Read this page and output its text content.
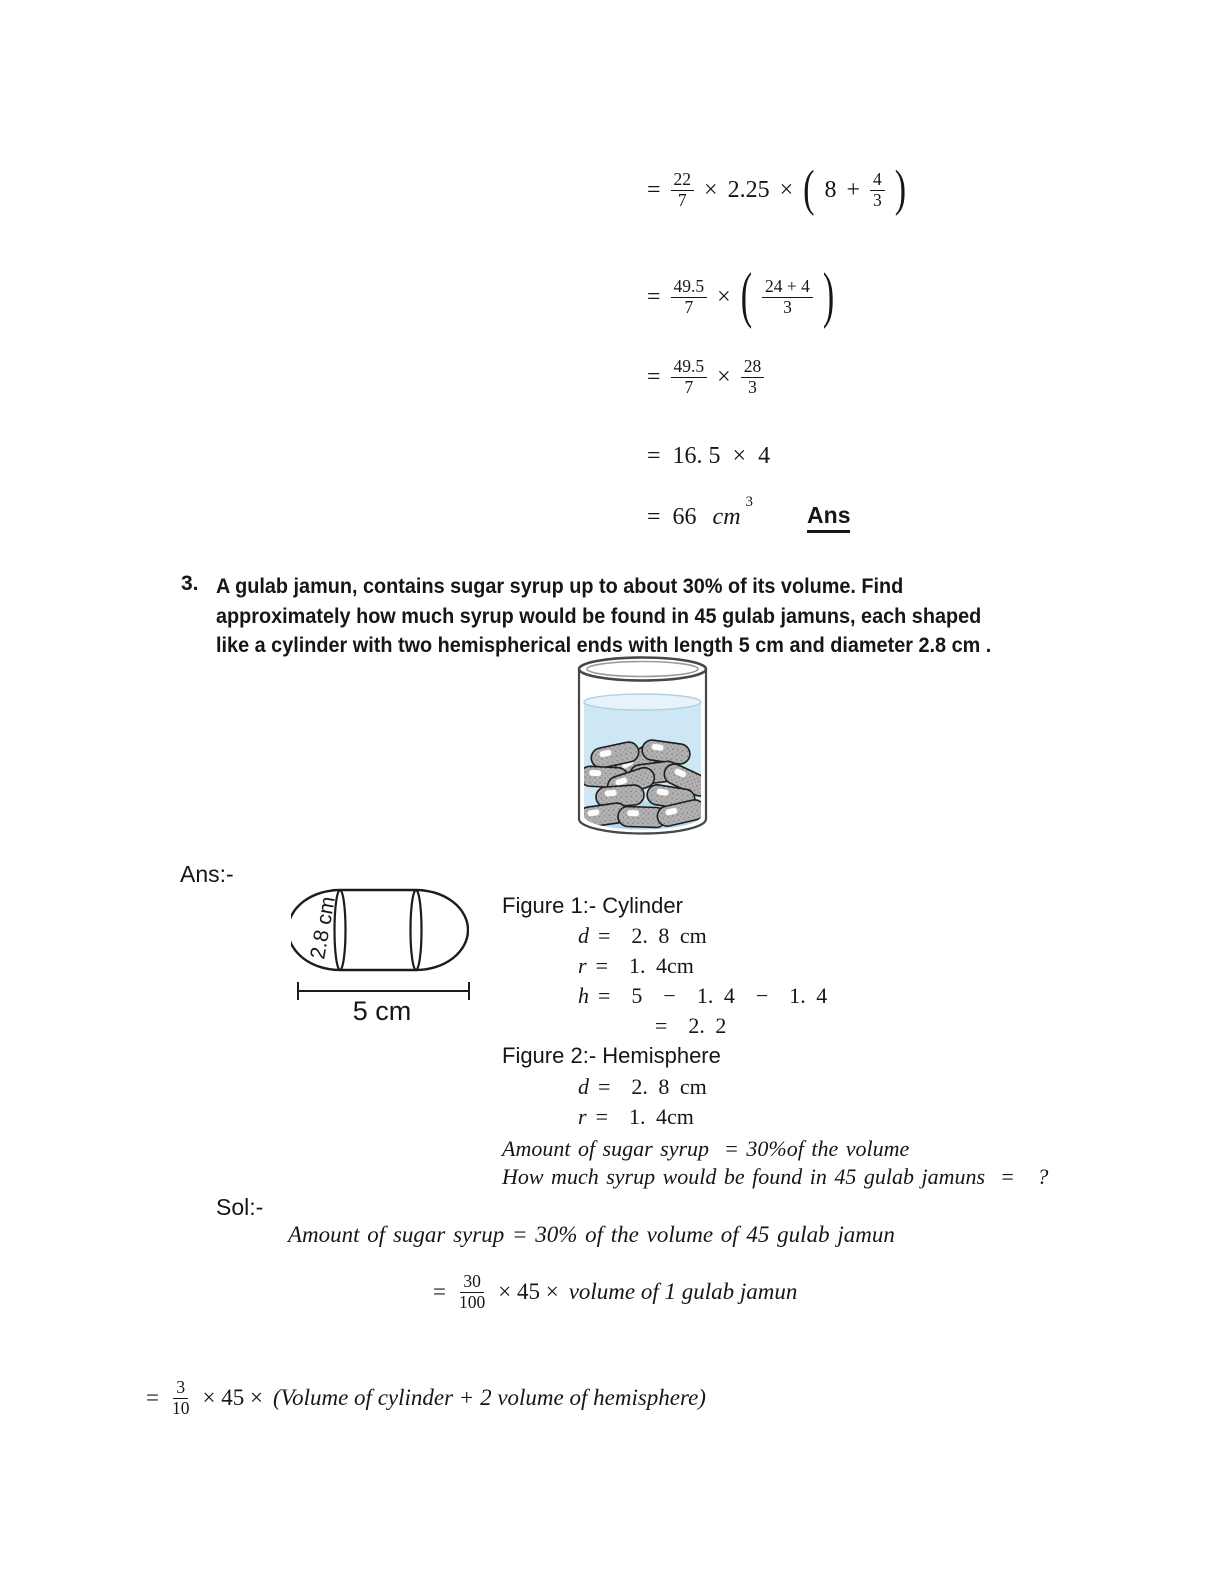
= $\frac{22}{7} \times 2.25$ × ( $8 + \frac{4}{3}$ )
= $\frac{49.5}{7}$ × ( $\frac{24 + 4}{3}$ )
= $\frac{49.5}{7} \times \frac{28}{3}$
=  16. 5  ×  4
=  66 cm
3 Ans
3. A gulab jamun, contains sugar syrup up to about 30% of its volume. Find
approximately how much syrup would be found in 45 gulab jamuns, each shaped
like a cylinder with two hemispherical ends with length 5 cm and diameter 2.8 cm .
Ans:-
2.8 cm
5 cm
Figure 1:- Cylinder
d =  2. 8 cm
r =  1. 4cm
h =  5  −  1. 4  −  1. 4
=  2. 2
Figure 2:- Hemisphere
d =  2. 8 cm
r =  1. 4cm
Amount of sugar syrup  = 30%of the volume
How much syrup would be found in 45 gulab jamuns  =   ?
Sol:-
Amount of sugar syrup = 30% of the volume of 45 gulab jamun
= $\frac{30}{100} \times 45$ × volume of 1 gulab jamun
= $\frac{3}{10} \times 45$ × (Volume of cylinder + 2 volume of hemisphere)
